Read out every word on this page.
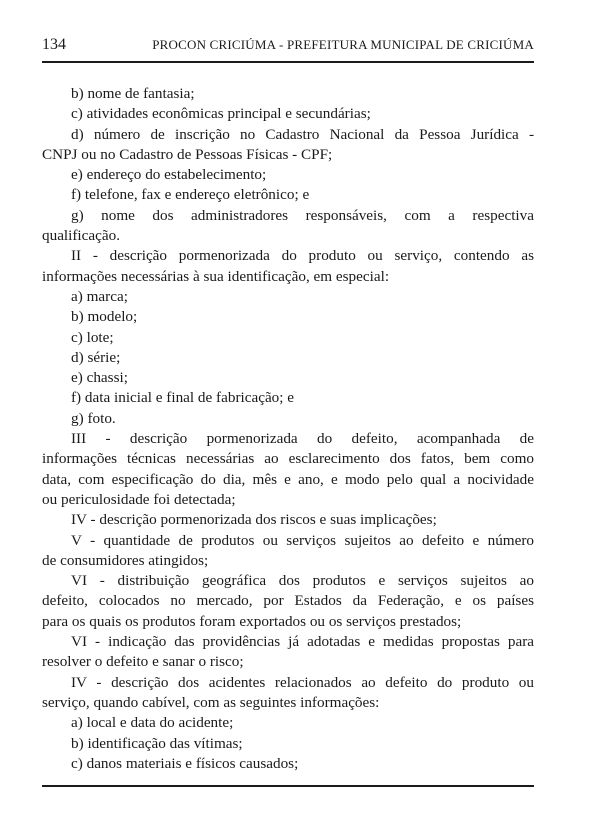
134	PROCON CRICIÚMA - PREFEITURA MUNICIPAL DE CRICIÚMA

b) nome de fantasia;

c) atividades econômicas principal e secundárias;

d) número de inscrição no Cadastro Nacional da Pessoa Jurídica -

CNPJ ou no Cadastro de Pessoas Físicas - CPF;

e) endereço do estabelecimento;

f) telefone, fax e endereço eletrônico; e

g) nome dos administradores responsáveis, com a respectiva

qualificação.

II - descrição pormenorizada do produto ou serviço, contendo as

informações necessárias à sua identificação, em especial:

a) marca;

b) modelo;

c) lote;

d) série;

e) chassi;

f) data inicial e final de fabricação; e

g) foto.

III - descrição pormenorizada do defeito, acompanhada de

informações técnicas necessárias ao esclarecimento dos fatos, bem como

data, com especificação do dia, mês e ano, e modo pelo qual a nocividade

ou periculosidade foi detectada;

IV - descrição pormenorizada dos riscos e suas implicações;

V - quantidade de produtos ou serviços sujeitos ao defeito e número

de consumidores atingidos;

VI - distribuição geográfica dos produtos e serviços sujeitos ao

defeito, colocados no mercado, por Estados da Federação, e os países

para os quais os produtos foram exportados ou os serviços prestados;

VI - indicação das providências já adotadas e medidas propostas para

resolver o defeito e sanar o risco;

IV - descrição dos acidentes relacionados ao defeito do produto ou

serviço, quando cabível, com as seguintes informações:

a) local e data do acidente;

b) identificação das vítimas;

c) danos materiais e físicos causados;
